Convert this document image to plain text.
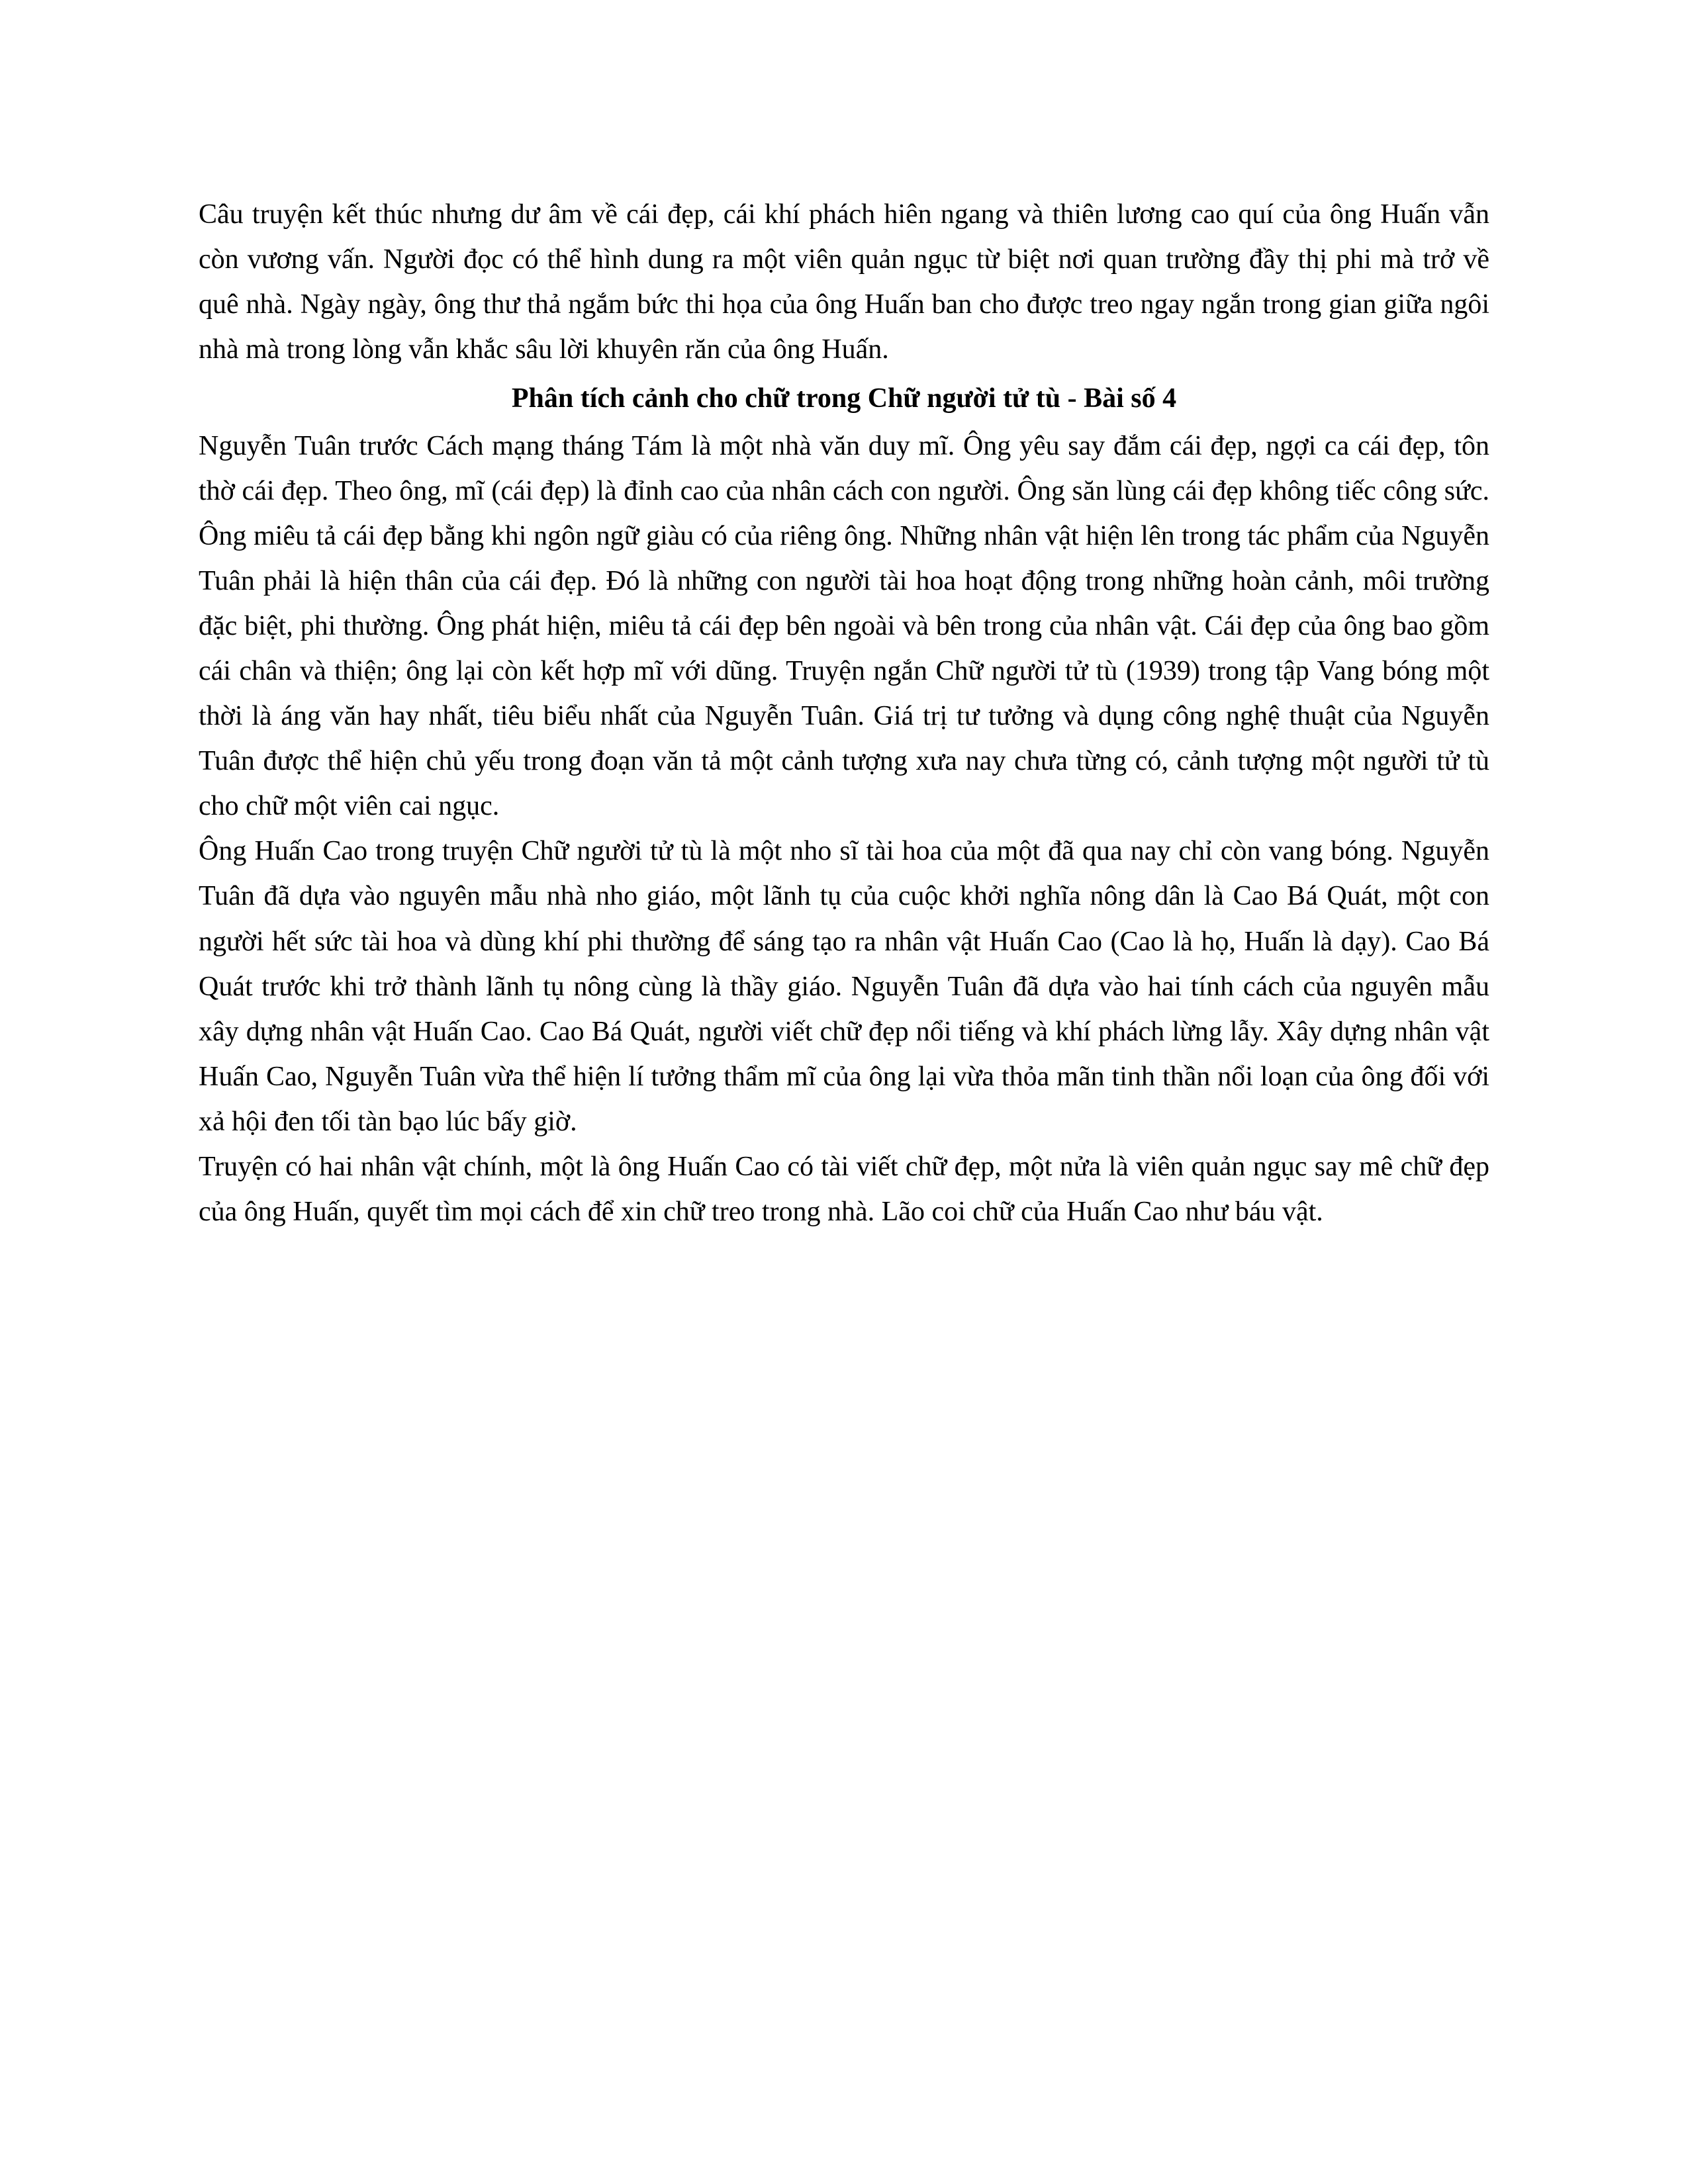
Câu truyện kết thúc nhưng dư âm về cái đẹp, cái khí phách hiên ngang và thiên lương cao quí của ông Huấn vẫn còn vương vấn. Người đọc có thể hình dung ra một viên quản ngục từ biệt nơi quan trường đầy thị phi mà trở về quê nhà. Ngày ngày, ông thư thả ngắm bức thi họa của ông Huấn ban cho được treo ngay ngắn trong gian giữa ngôi nhà mà trong lòng vẫn khắc sâu lời khuyên răn của ông Huấn.

Phân tích cảnh cho chữ trong Chữ người tử tù - Bài số 4

Nguyễn Tuân trước Cách mạng tháng Tám là một nhà văn duy mĩ. Ông yêu say đắm cái đẹp, ngợi ca cái đẹp, tôn thờ cái đẹp. Theo ông, mĩ (cái đẹp) là đỉnh cao của nhân cách con người. Ông săn lùng cái đẹp không tiếc công sức. Ông miêu tả cái đẹp bằng khi ngôn ngữ giàu có của riêng ông. Những nhân vật hiện lên trong tác phẩm của Nguyễn Tuân phải là hiện thân của cái đẹp. Đó là những con người tài hoa hoạt động trong những hoàn cảnh, môi trường đặc biệt, phi thường. Ông phát hiện, miêu tả cái đẹp bên ngoài và bên trong của nhân vật. Cái đẹp của ông bao gồm cái chân và thiện; ông lại còn kết hợp mĩ với dũng. Truyện ngắn Chữ người tử tù (1939) trong tập Vang bóng một thời là áng văn hay nhất, tiêu biểu nhất của Nguyễn Tuân. Giá trị tư tưởng và dụng công nghệ thuật của Nguyễn Tuân được thể hiện chủ yếu trong đoạn văn tả một cảnh tượng xưa nay chưa từng có, cảnh tượng một người tử tù cho chữ một viên cai ngục.

Ông Huấn Cao trong truyện Chữ người tử tù là một nho sĩ tài hoa của một đã qua nay chỉ còn vang bóng. Nguyễn Tuân đã dựa vào nguyên mẫu nhà nho giáo, một lãnh tụ của cuộc khởi nghĩa nông dân là Cao Bá Quát, một con người hết sức tài hoa và dùng khí phi thường để sáng tạo ra nhân vật Huấn Cao (Cao là họ, Huấn là dạy). Cao Bá Quát trước khi trở thành lãnh tụ nông cùng là thầy giáo. Nguyễn Tuân đã dựa vào hai tính cách của nguyên mẫu xây dựng nhân vật Huấn Cao. Cao Bá Quát, người viết chữ đẹp nổi tiếng và khí phách lừng lẫy. Xây dựng nhân vật Huấn Cao, Nguyễn Tuân vừa thể hiện lí tưởng thẩm mĩ của ông lại vừa thỏa mãn tinh thần nổi loạn của ông đối với xả hội đen tối tàn bạo lúc bấy giờ.

Truyện có hai nhân vật chính, một là ông Huấn Cao có tài viết chữ đẹp, một nửa là viên quản ngục say mê chữ đẹp của ông Huấn, quyết tìm mọi cách để xin chữ treo trong nhà. Lão coi chữ của Huấn Cao như báu vật.
